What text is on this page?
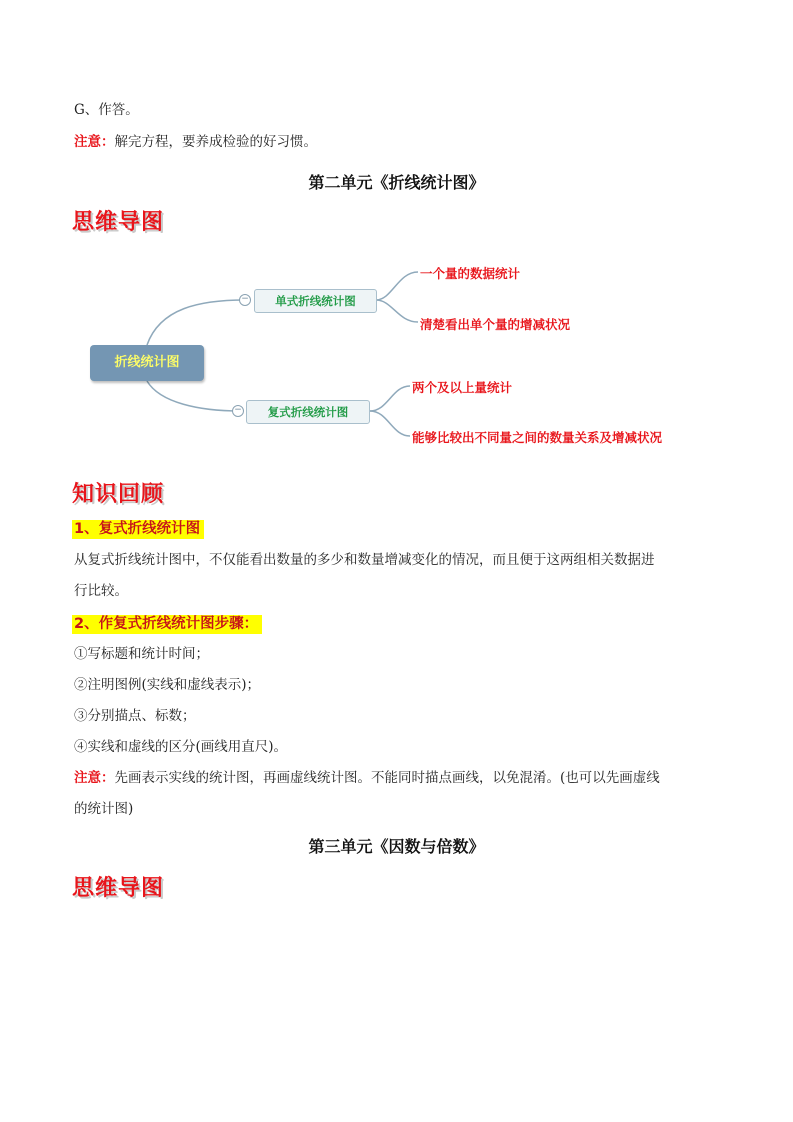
G、作答。
注意：解完方程，要养成检验的好习惯。
第二单元《折线统计图》
思维导图
折线统计图
−	单式折线统计图
一个量的数据统计
清楚看出单个量的增减状况
−	复式折线统计图
两个及以上量统计
能够比较出不同量之间的数量关系及增减状况
知识回顾
1、复式折线统计图
从复式折线统计图中，不仅能看出数量的多少和数量增减变化的情况，而且便于这两组相关数据进
行比较。
2、作复式折线统计图步骤：
①写标题和统计时间；
②注明图例(实线和虚线表示)；
③分别描点、标数；
④实线和虚线的区分(画线用直尺)。
注意：先画表示实线的统计图，再画虚线统计图。不能同时描点画线，以免混淆。(也可以先画虚线
的统计图)
第三单元《因数与倍数》
思维导图
